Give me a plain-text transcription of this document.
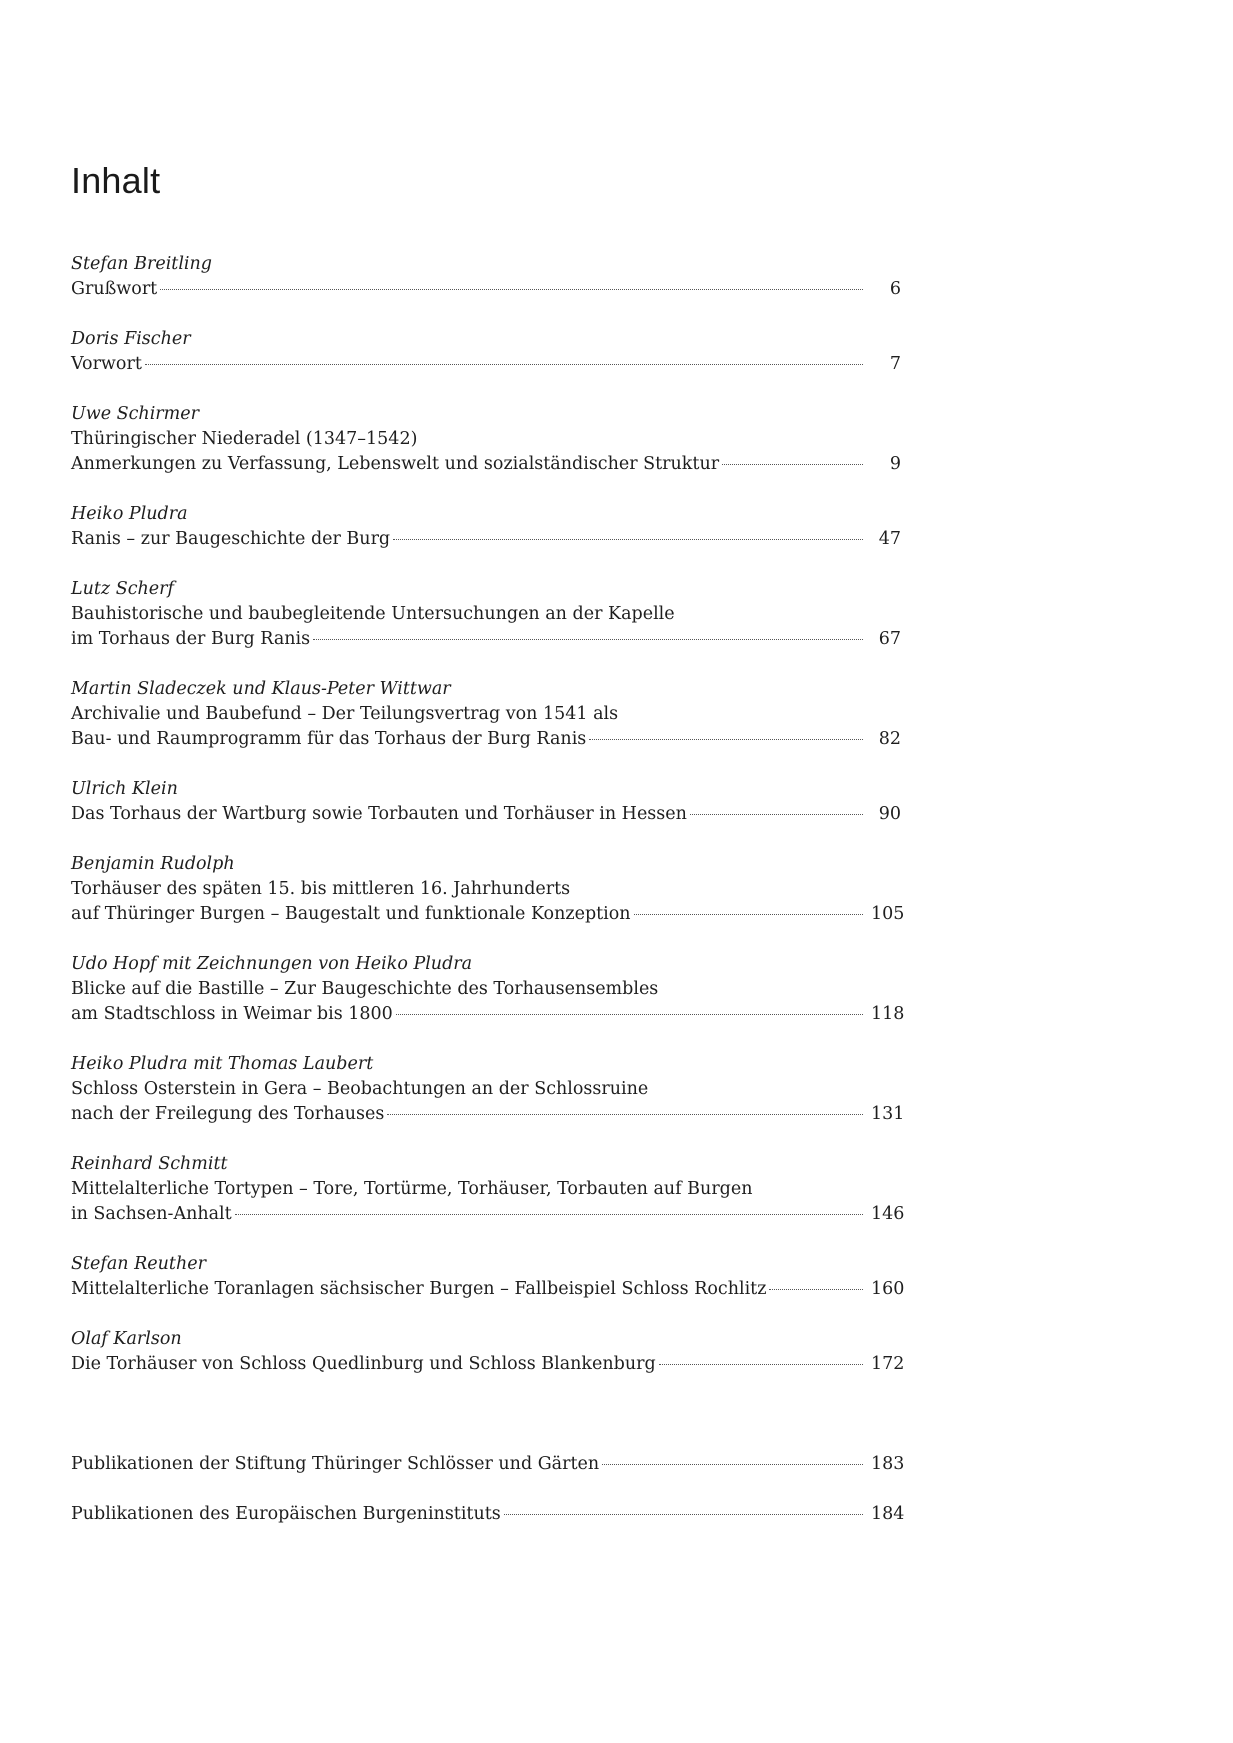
Inhalt
Stefan Breitling
Grußwort	6
Doris Fischer
Vorwort	7
Uwe Schirmer
Thüringischer Niederadel (1347–1542)
Anmerkungen zu Verfassung, Lebenswelt und sozialständischer Struktur	9
Heiko Pludra
Ranis – zur Baugeschichte der Burg	47
Lutz Scherf
Bauhistorische und baubegleitende Untersuchungen an der Kapelle
im Torhaus der Burg Ranis	67
Martin Sladeczek und Klaus-Peter Wittwar
Archivalie und Baubefund – Der Teilungsvertrag von 1541 als
Bau- und Raumprogramm für das Torhaus der Burg Ranis	82
Ulrich Klein
Das Torhaus der Wartburg sowie Torbauten und Torhäuser in Hessen	90
Benjamin Rudolph
Torhäuser des späten 15. bis mittleren 16. Jahrhunderts
auf Thüringer Burgen – Baugestalt und funktionale Konzeption	105
Udo Hopf mit Zeichnungen von Heiko Pludra
Blicke auf die Bastille – Zur Baugeschichte des Torhausensembles
am Stadtschloss in Weimar bis 1800	118
Heiko Pludra mit Thomas Laubert
Schloss Osterstein in Gera – Beobachtungen an der Schlossruine
nach der Freilegung des Torhauses	131
Reinhard Schmitt
Mittelalterliche Tortypen – Tore, Tortürme, Torhäuser, Torbauten auf Burgen
in Sachsen-Anhalt	146
Stefan Reuther
Mittelalterliche Toranlagen sächsischer Burgen – Fallbeispiel Schloss Rochlitz	160
Olaf Karlson
Die Torhäuser von Schloss Quedlinburg und Schloss Blankenburg	172
Publikationen der Stiftung Thüringer Schlösser und Gärten	183
Publikationen des Europäischen Burgeninstituts	184
